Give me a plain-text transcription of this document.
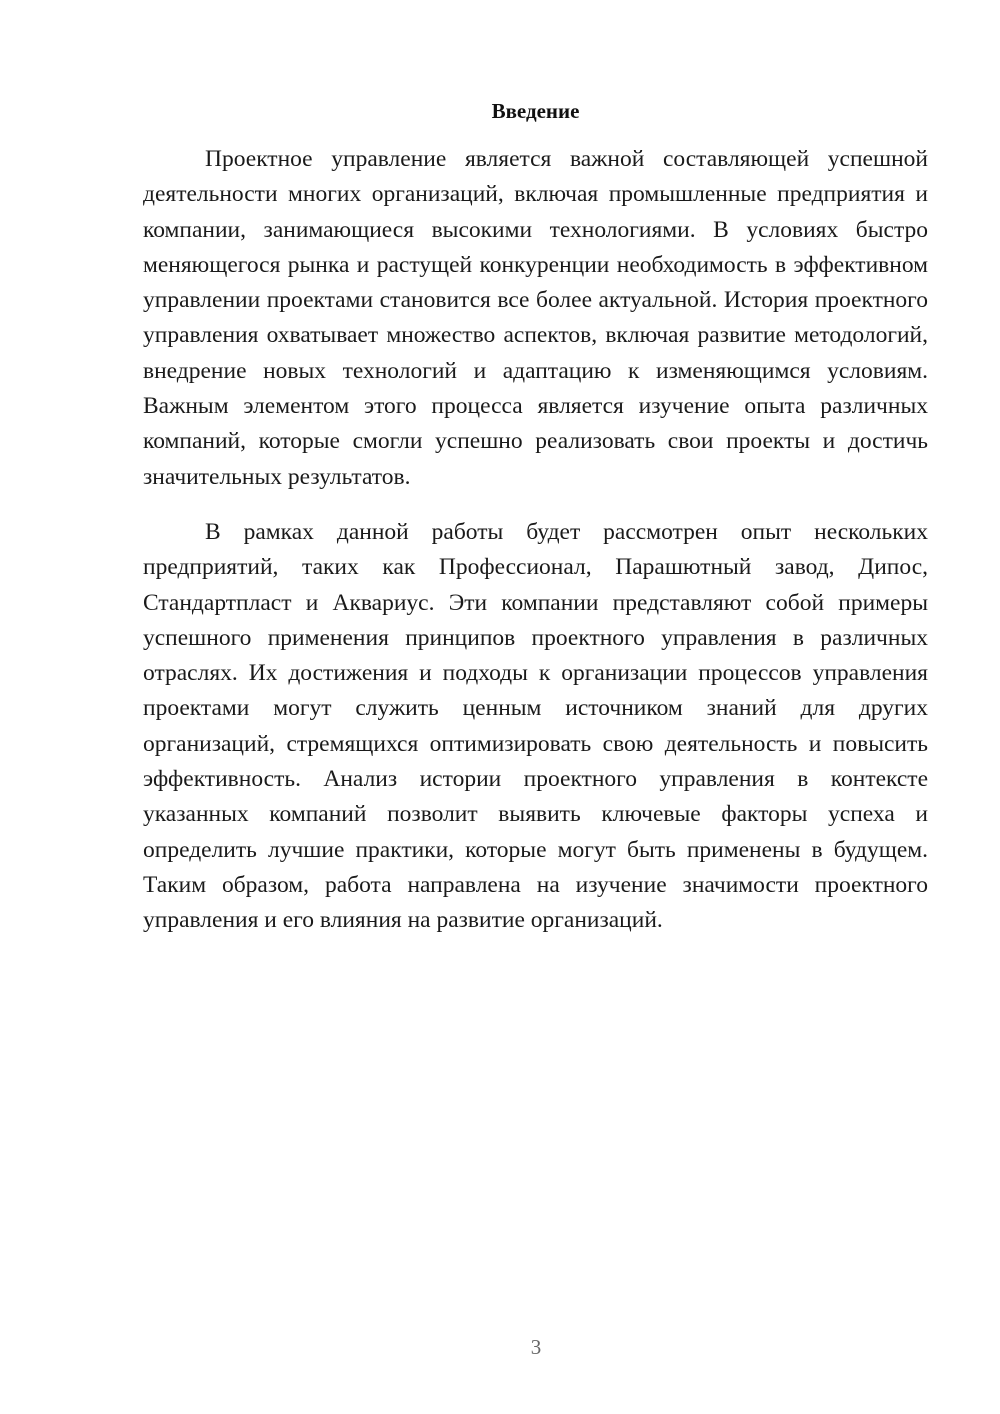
Введение

Проектное управление является важной составляющей успешной деятельности многих организаций, включая промышленные предприятия и компании, занимающиеся высокими технологиями. В условиях быстро меняющегося рынка и растущей конкуренции необходимость в эффективном управлении проектами становится все более актуальной. История проектного управления охватывает множество аспектов, включая развитие методологий, внедрение новых технологий и адаптацию к изменяющимся условиям. Важным элементом этого процесса является изучение опыта различных компаний, которые смогли успешно реализовать свои проекты и достичь значительных результатов.

В рамках данной работы будет рассмотрен опыт нескольких предприятий, таких как Профессионал, Парашютный завод, Дипос, Стандартпласт и Аквариус. Эти компании представляют собой примеры успешного применения принципов проектного управления в различных отраслях. Их достижения и подходы к организации процессов управления проектами могут служить ценным источником знаний для других организаций, стремящихся оптимизировать свою деятельность и повысить эффективность. Анализ истории проектного управления в контексте указанных компаний позволит выявить ключевые факторы успеха и определить лучшие практики, которые могут быть применены в будущем. Таким образом, работа направлена на изучение значимости проектного управления и его влияния на развитие организаций.

3
